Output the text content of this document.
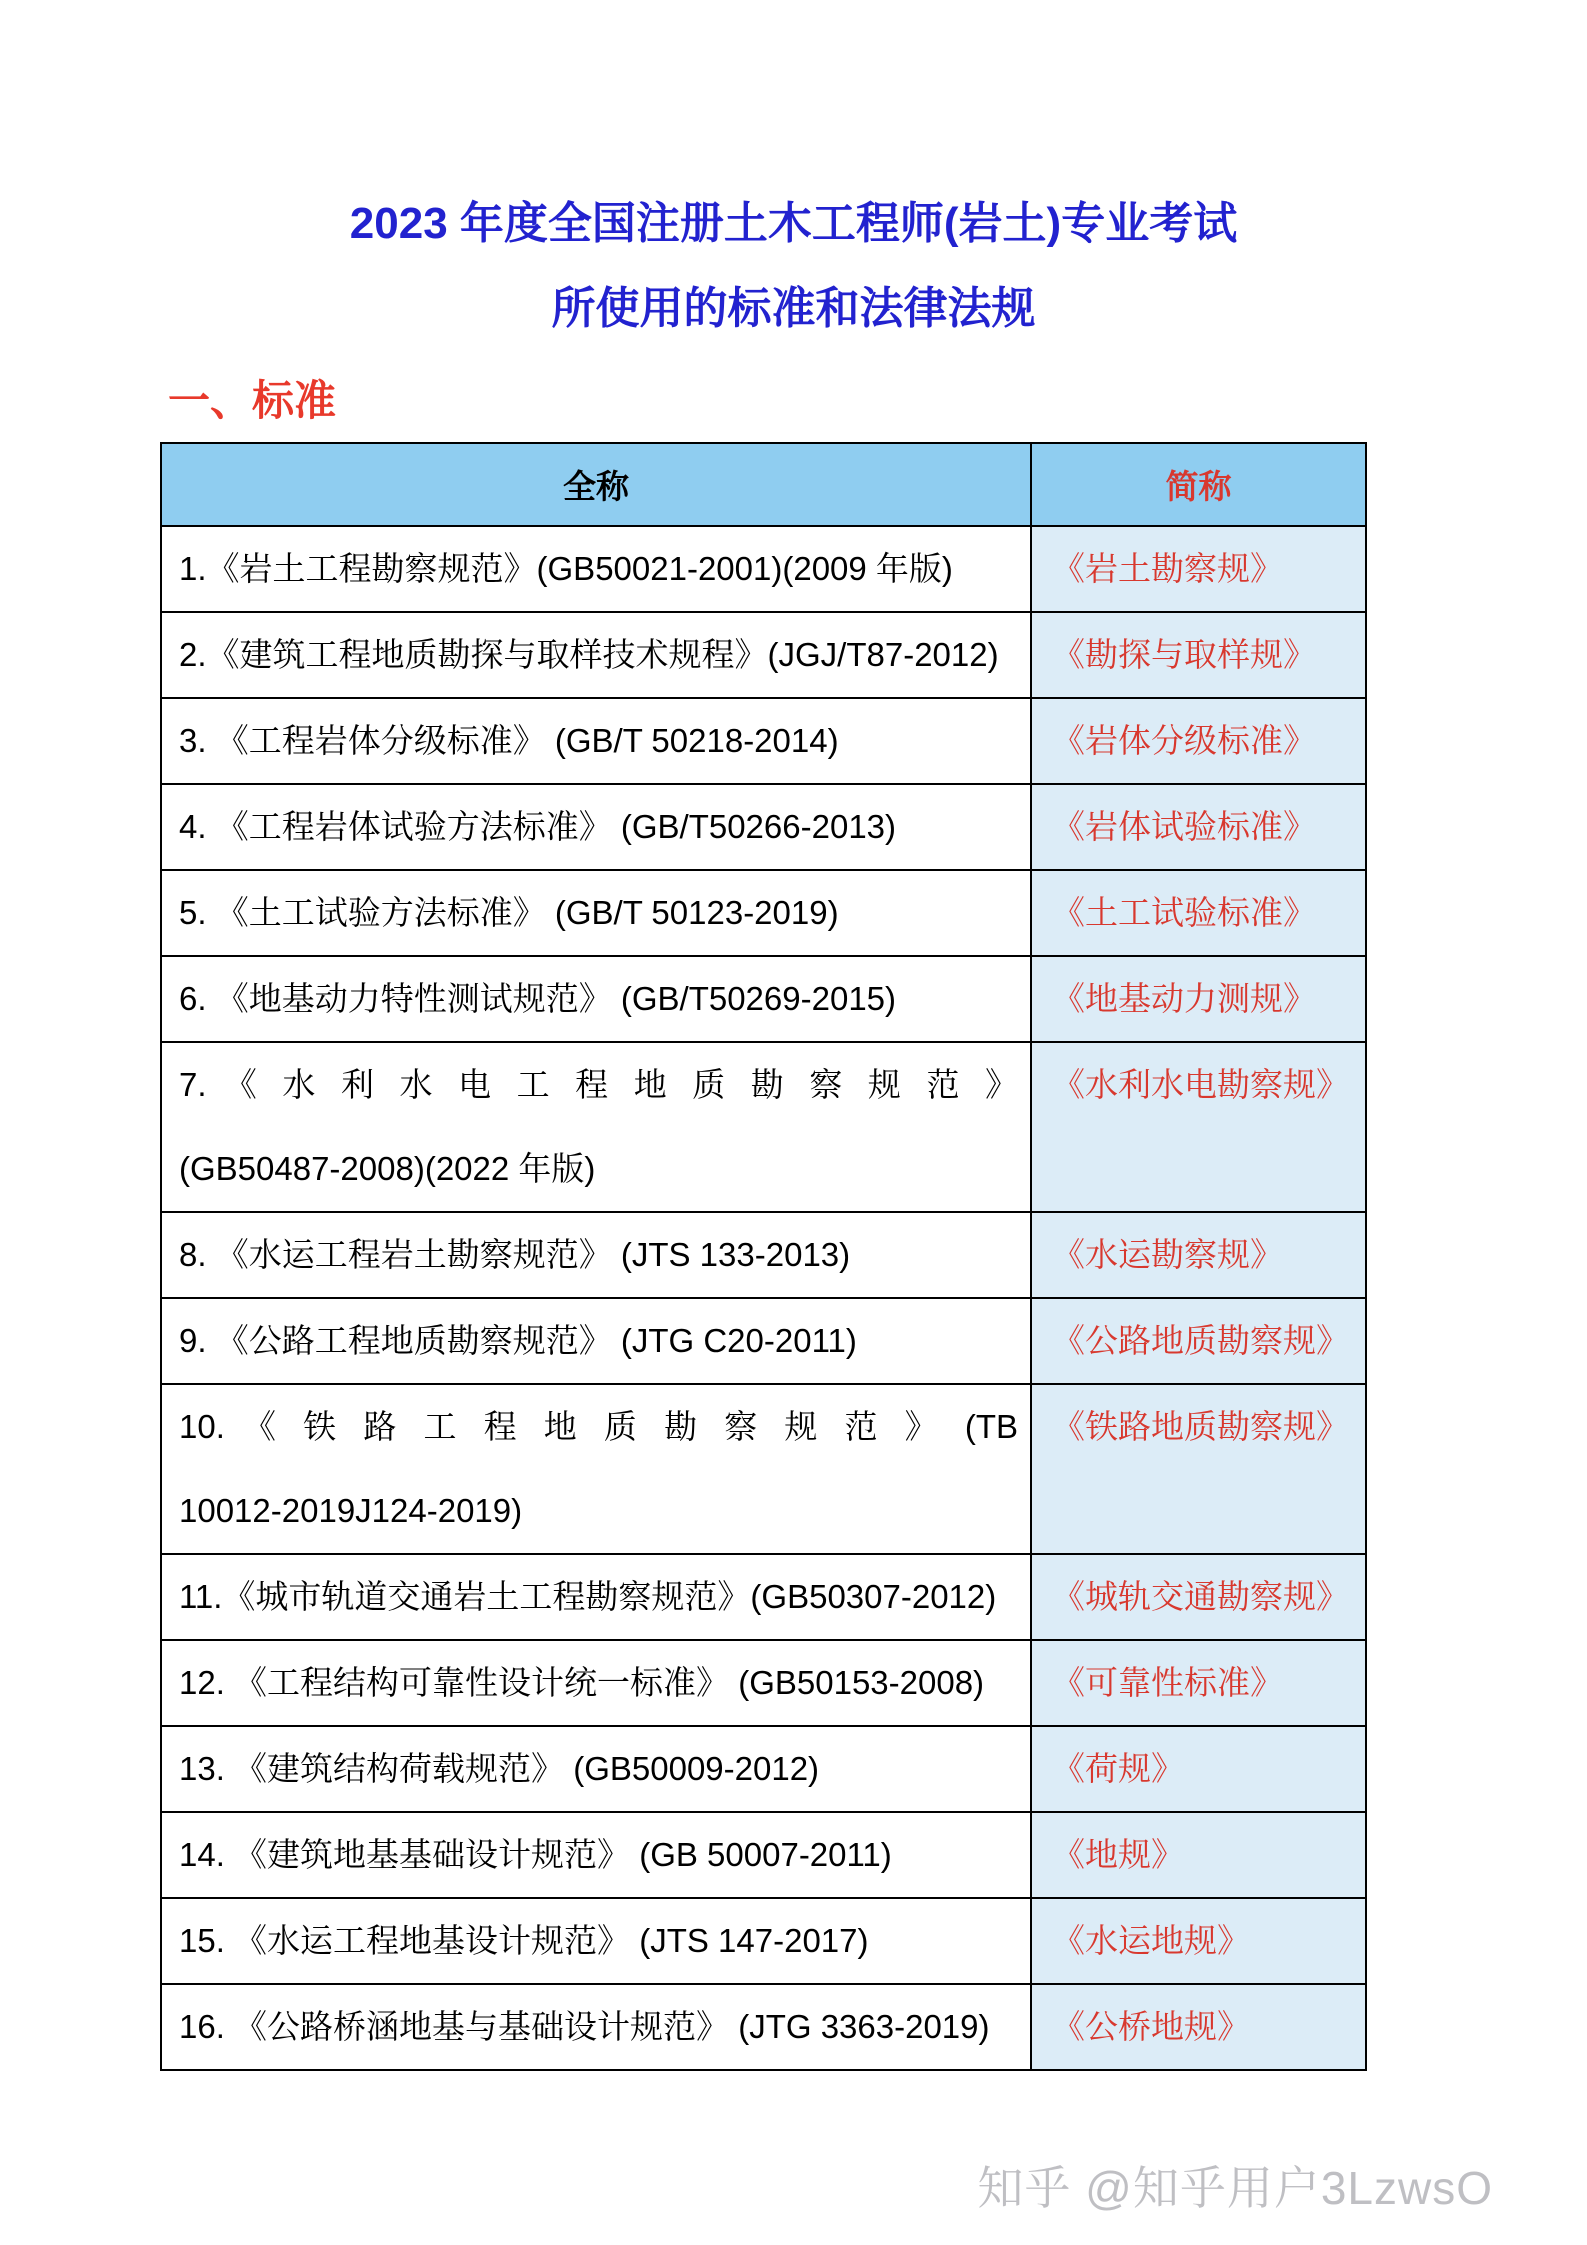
2023 年度全国注册土木工程师(岩土)专业考试
所使用的标准和法律法规
一、标准
全称	简称

1.《岩土工程勘察规范》(GB50021-2001)(2009 年版)	《岩土勘察规》

2.《建筑工程地质勘探与取样技术规程》(JGJ/T87-2012)	《勘探与取样规》

3. 《工程岩体分级标准》 (GB/T 50218-2014)	《岩体分级标准》

4. 《工程岩体试验方法标准》 (GB/T50266-2013)	《岩体试验标准》

5. 《土工试验方法标准》 (GB/T 50123-2019)	《土工试验标准》

6. 《地基动力特性测试规范》 (GB/T50269-2015)	《地基动力测规》

7. 《 水 利 水 电 工 程 地 质 勘 察 规 范 》
(GB50487-2008)(2022 年版)	《水利水电勘察规》

8. 《水运工程岩土勘察规范》 (JTS 133-2013)	《水运勘察规》

9. 《公路工程地质勘察规范》 (JTG C20-2011)	《公路地质勘察规》

10. 《 铁 路 工 程 地 质 勘 察 规 范 》 (TB
10012-2019J124-2019)	《铁路地质勘察规》

11.《城市轨道交通岩土工程勘察规范》(GB50307-2012)	《城轨交通勘察规》

12. 《工程结构可靠性设计统一标准》 (GB50153-2008)	《可靠性标准》

13. 《建筑结构荷载规范》 (GB50009-2012)	《荷规》

14. 《建筑地基基础设计规范》 (GB 50007-2011)	《地规》

15. 《水运工程地基设计规范》 (JTS 147-2017)	《水运地规》

16. 《公路桥涵地基与基础设计规范》 (JTG 3363-2019)	《公桥地规》
知乎 @知乎用户3LzwsO
